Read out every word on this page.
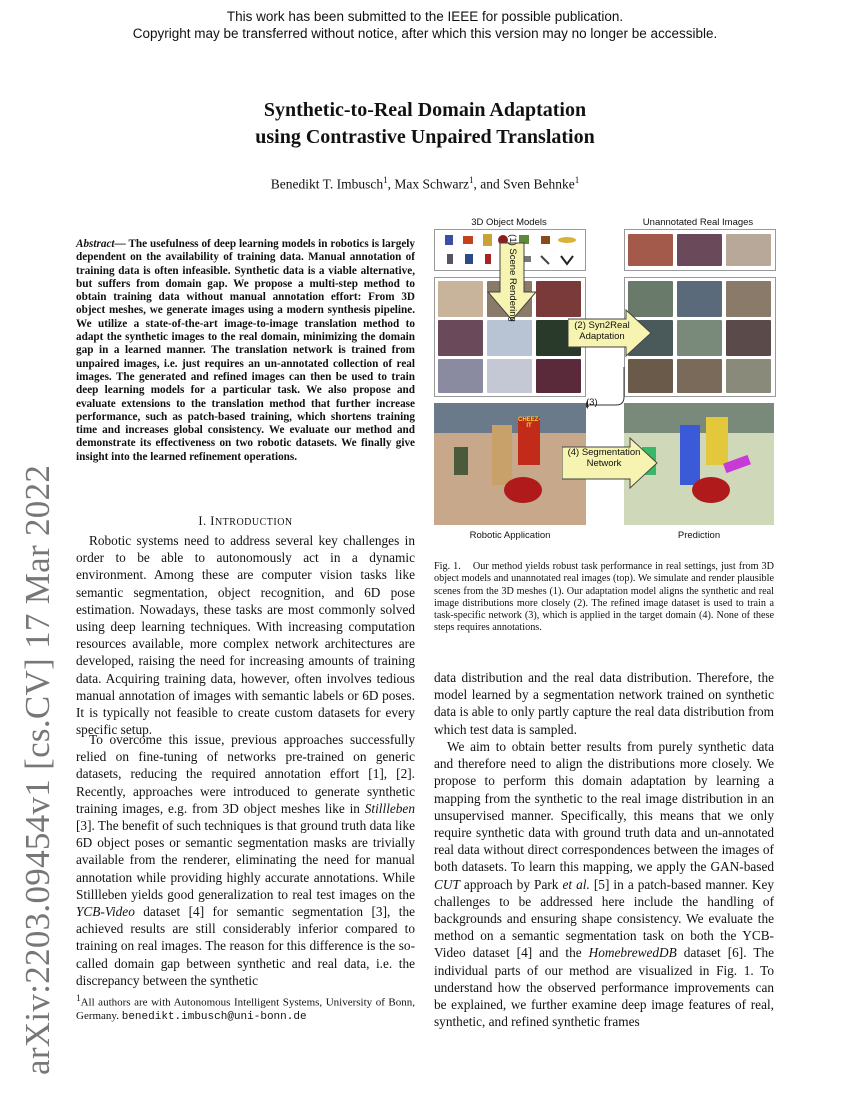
This work has been submitted to the IEEE for possible publication.
Copyright may be transferred without notice, after which this version may no longer be accessible.
arXiv:2203.09454v1 [cs.CV] 17 Mar 2022
Synthetic-to-Real Domain Adaptation
using Contrastive Unpaired Translation
Benedikt T. Imbusch$^1$, Max Schwarz$^1$, and Sven Behnke$^1$
Abstract— The usefulness of deep learning models in robotics is largely dependent on the availability of training data. Manual annotation of training data is often infeasible. Synthetic data is a viable alternative, but suffers from domain gap. We propose a multi-step method to obtain training data without manual annotation effort: From 3D object meshes, we generate images using a modern synthesis pipeline. We utilize a state-of-the-art image-to-image translation method to adapt the synthetic images to the real domain, minimizing the domain gap in a learned manner. The translation network is trained from unpaired images, i.e. just requires an un-annotated collection of real images. The generated and refined images can then be used to train deep learning models for a particular task. We also propose and evaluate extensions to the translation method that further increase performance, such as patch-based training, which shortens training time and increases global consistency. We evaluate our method and demonstrate its effectiveness on two robotic datasets. We finally give insight into the learned refinement operations.
I. INTRODUCTION

Robotic systems need to address several key challenges in order to be able to autonomously act in a dynamic environment. Among these are computer vision tasks like semantic segmentation, object recognition, and 6D pose estimation. Nowadays, these tasks are most commonly solved using deep learning techniques. With increasing computation resources available, more complex network architectures are developed, raising the need for increasing amounts of training data. Acquiring training data, however, often involves tedious manual annotation of images with semantic labels or 6D poses. It is typically not feasible to create custom datasets for every specific setup.

To overcome this issue, previous approaches successfully relied on fine-tuning of networks pre-trained on generic datasets, reducing the required annotation effort [1], [2]. Recently, approaches were introduced to generate synthetic training images, e.g. from 3D object meshes like in Stillleben [3]. The benefit of such techniques is that ground truth data like 6D object poses or semantic segmentation masks are trivially available from the renderer, eliminating the need for manual annotation while providing highly accurate annotations. While Stillleben yields good generalization to real test images on the YCB-Video dataset [4] for semantic segmentation [3], the achieved results are still considerably inferior compared to training on real images. The reason for this difference is the so-called domain gap between synthetic and real data, i.e. the discrepancy between the synthetic

$^1$All authors are with Autonomous Intelligent Systems, University of Bonn, Germany. benedikt.imbusch@uni-bonn.de
3D Object Models	Unannotated Real Images
(1) Scene Rendering
(2) Syn2Real Adaptation
(3)
CHEEZ-IT
(4) Segmentation Network
Robotic Application	Prediction
Fig. 1. Our method yields robust task performance in real settings, just from 3D object models and unannotated real images (top). We simulate and render plausible scenes from the 3D meshes (1). Our adaptation model aligns the synthetic and real image distributions more closely (2). The refined image dataset is used to train a task-specific network (3), which is applied in the target domain (4). None of these steps requires annotations.

data distribution and the real data distribution. Therefore, the model learned by a segmentation network trained on synthetic data is able to only partly capture the real data distribution from which test data is sampled.

We aim to obtain better results from purely synthetic data and therefore need to align the distributions more closely. We propose to perform this domain adaptation by learning a mapping from the synthetic to the real image distribution in an unsupervised manner. Specifically, this means that we only require synthetic data with ground truth data and un-annotated real data without direct correspondences between the images of both datasets. To learn this mapping, we apply the GAN-based CUT approach by Park et al. [5] in a patch-based manner. Key challenges to be addressed here include the handling of backgrounds and ensuring shape consistency. We evaluate the method on a semantic segmentation task on both the YCB-Video dataset [4] and the HomebrewedDB dataset [6]. The individual parts of our method are visualized in Fig. 1. To understand how the observed performance improvements can be explained, we further examine deep image features of real, synthetic, and refined synthetic frames
